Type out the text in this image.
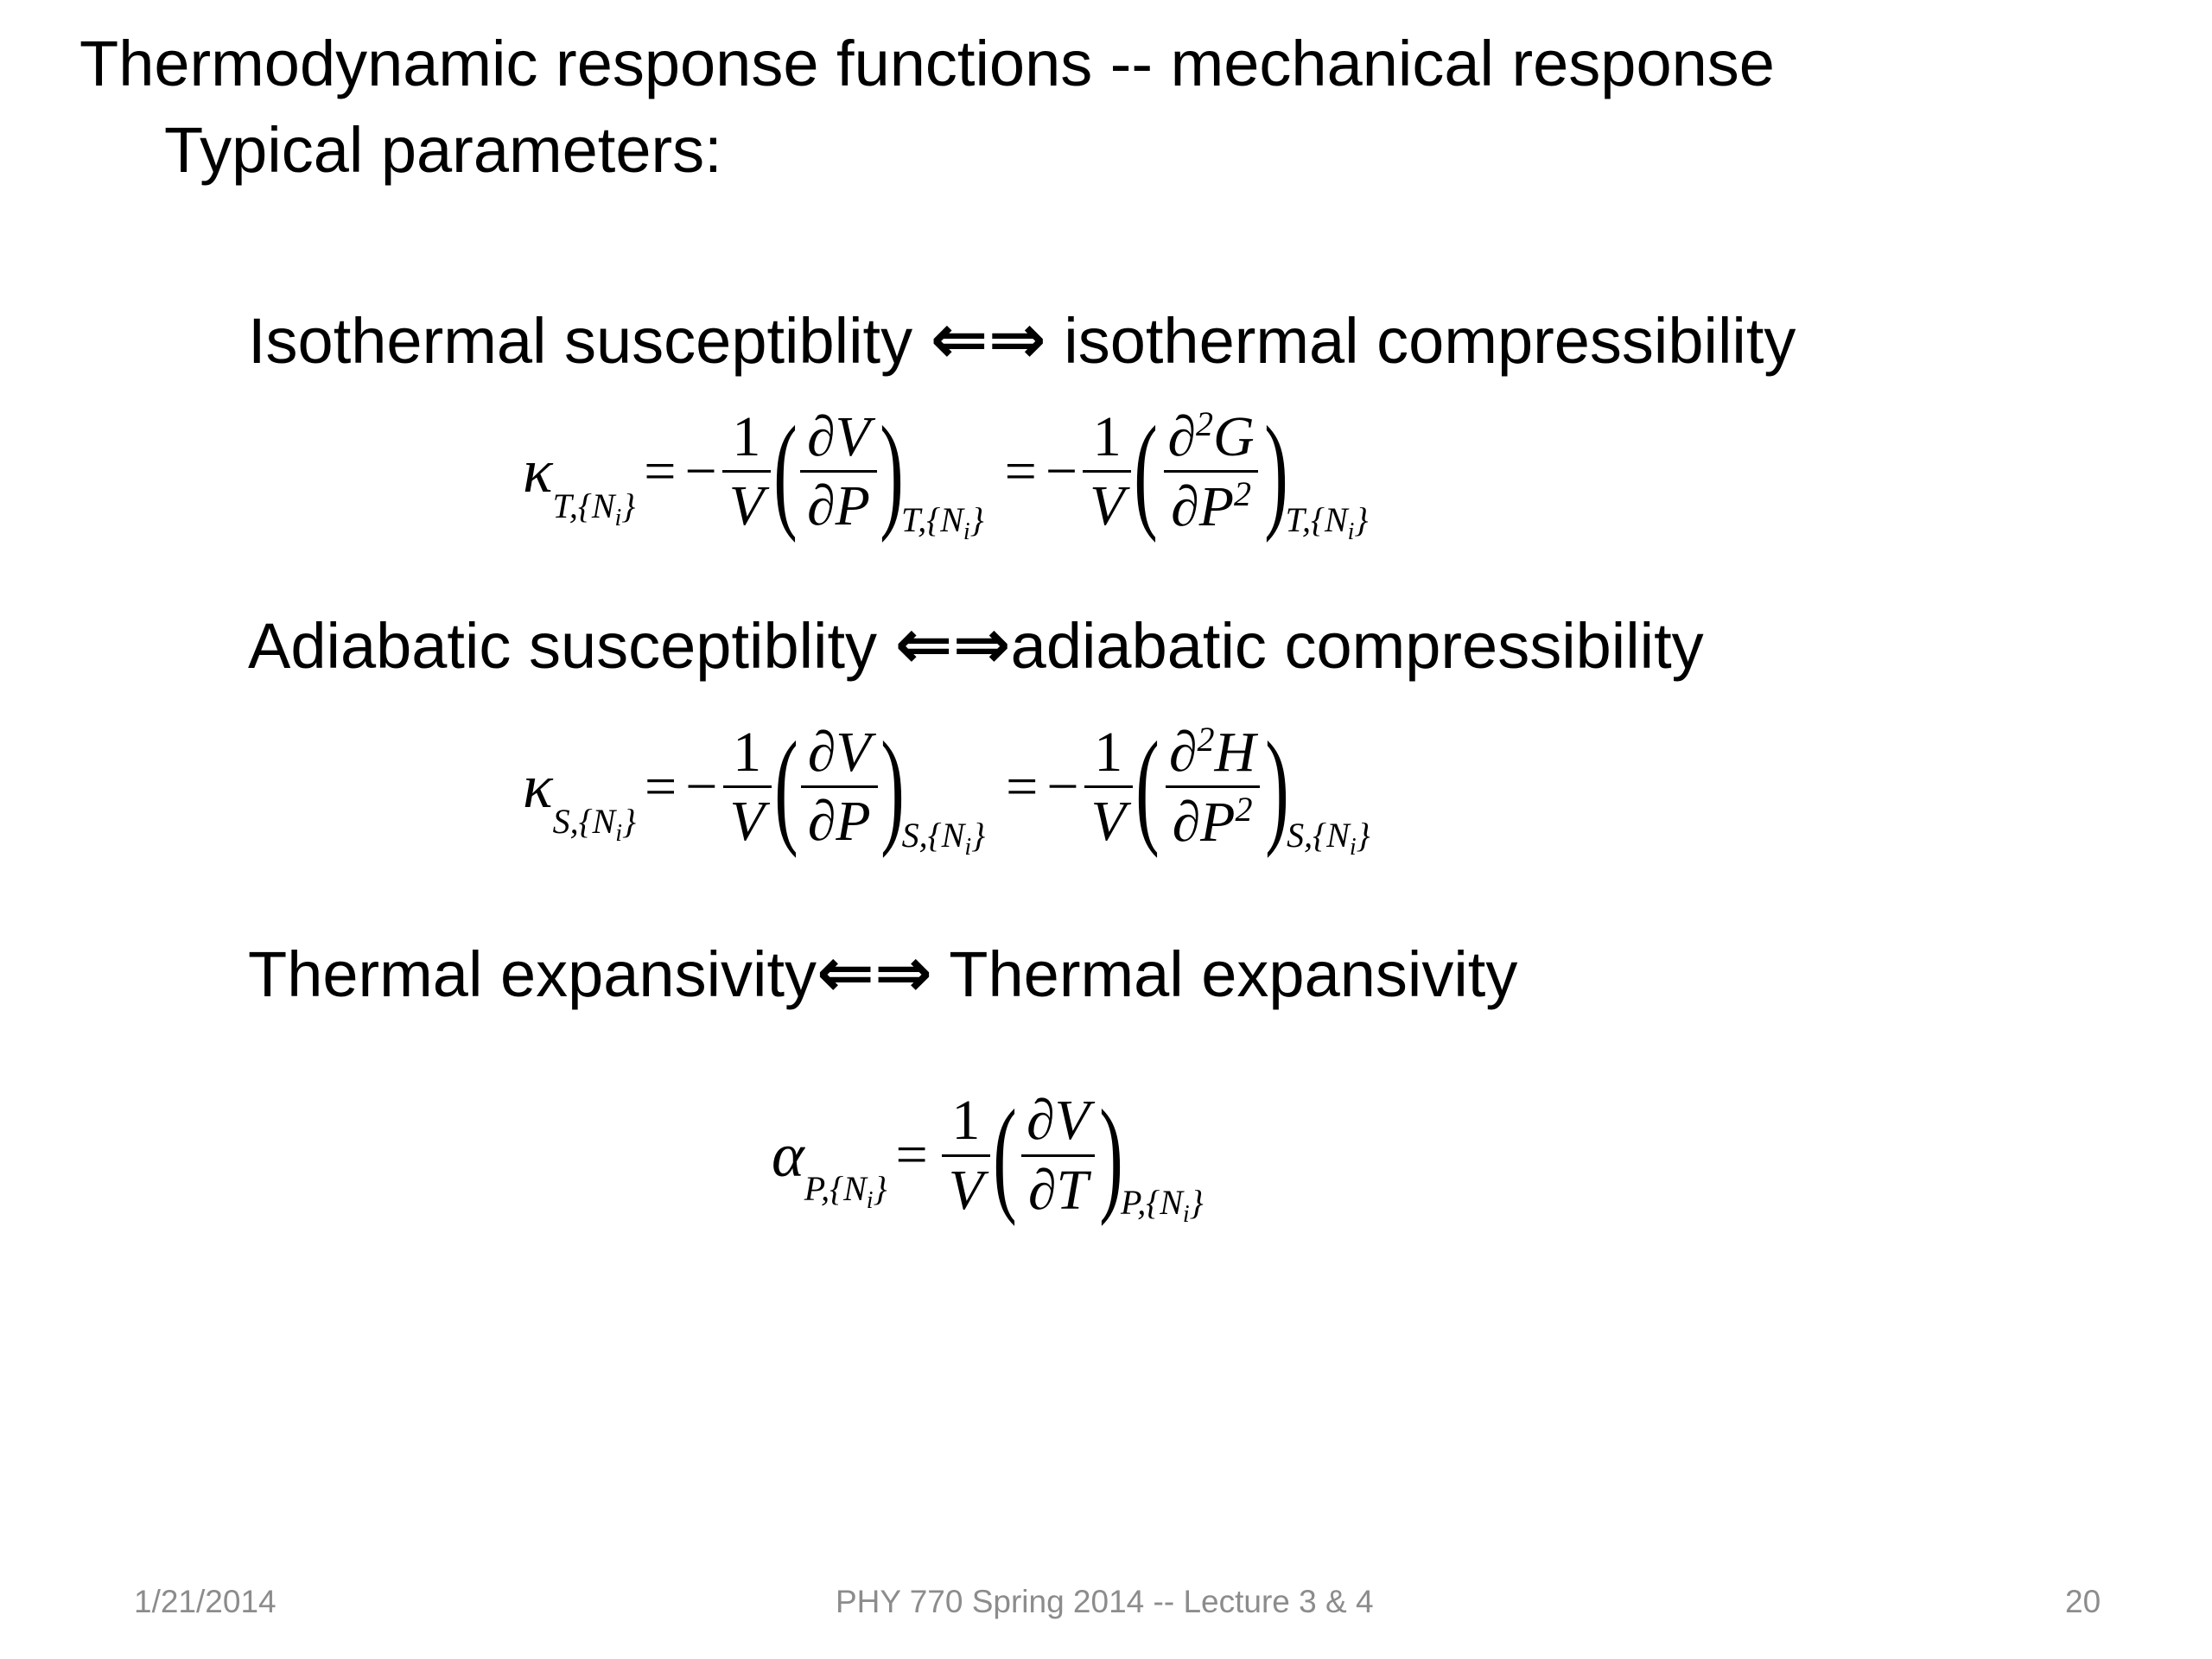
Thermodynamic response functions -- mechanical response
Typical parameters:
Isothermal susceptiblity ⇐⇒ isothermal compressibility
κ $T,\{N_i\}$
= − $\frac{1}{V}$ ( $\frac{\partial V}{\partial P}$ )
$T,\{N_i\}$
= − $\frac{1}{V}$ ( $\frac{\partial^2G}{\partial P^2}$ )
$T,\{N_i\}$
Adiabatic susceptiblity ⇐⇒adiabatic compressibility
κ $S,\{N_i\}$
= − $\frac{1}{V}$ ( $\frac{\partial V}{\partial P}$ )
$S,\{N_i\}$
= − $\frac{1}{V}$ ( $\frac{\partial^2H}{\partial P^2}$ )
$S,\{N_i\}$
Thermal expansivity⇐⇒ Thermal expansivity
α $P,\{N_i\}$
= $\frac{1}{V}$ ( $\frac{\partial V}{\partial T}$ )
$P,\{N_i\}$
1/21/2014	PHY 770 Spring 2014 -- Lecture 3 & 4	20
